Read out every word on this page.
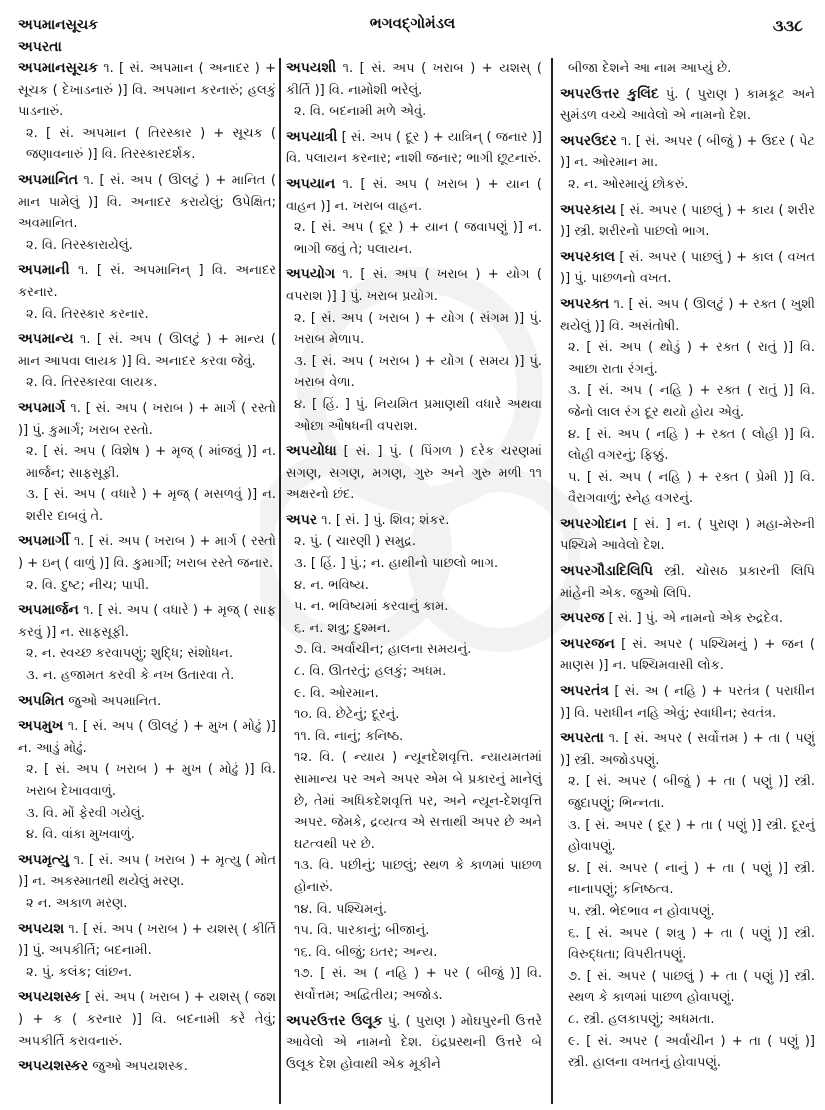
અપમાનસૂચક
અપરતા
ભગવદ્ગોમંડલ	૩૩૮
અપમાનસૂચક ૧. [ સં. અપમાન ( અનાદર ) + સૂચક ( દેખાડનારું )] વિ. અપમાન કરનારું; હલકું પાડનારું.
૨. [ સં. અપમાન ( તિરસ્કાર ) + સૂચક ( જણાવનારું )] વિ. તિરસ્કારદર્શક.
અપમાનિત ૧. [ સં. અપ ( ઊલટું ) + માનિત ( માન પામેલું )] વિ. અનાદર કરાયેલું; ઉપેક્ષિત; અવમાનિત.
૨. વિ. તિરસ્કારાયેલું.
અપમાની ૧. [ સં. અપમાનિન્ ] વિ. અનાદર કરનાર.
૨. વિ. તિરસ્કાર કરનાર.
અપમાન્ય ૧. [ સં. અપ ( ઊલટું ) + માન્ય ( માન આપવા લાયક )] વિ. અનાદર કરવા જેવું.
૨. વિ. તિરસ્કારવા લાયક.
અપમાર્ગ ૧. [ સં. અપ ( ખરાબ ) + માર્ગ ( રસ્તો )] પું. કુમાર્ગ; ખરાબ રસ્તો.
૨. [ સં. અપ ( વિશેષ ) + મૃજ્ ( માંજવું )] ન. માર્જન; સાફસૂફી.
૩. [ સં. અપ ( વધારે ) + મૃજ્ ( મસળવું )] ન. શરીર દાબવું તે.
અપમાર્ગી ૧. [ સં. અપ ( ખરાબ ) + માર્ગ ( રસ્તો ) + ઇન્ ( વાળું )] વિ. કુમાર્ગી; ખરાબ રસ્તે જનાર.
૨. વિ. દુષ્ટ; નીચ; પાપી.
અપમાર્જન ૧. [ સં. અપ ( વધારે ) + મૃજ્ ( સાફ કરવું )] ન. સાફસૂફી.
૨. ન. સ્વચ્છ કરવાપણું; શુદ્ધિ; સંશોધન.
૩. ન. હજામત કરવી કે નખ ઉતારવા તે.
અપમિત જુઓ અપમાનિત.
અપમુખ ૧. [ સં. અપ ( ઊલટું ) + મુખ ( મોઢું )] ન. આડું મોઢું.
૨. [ સં. અપ ( ખરાબ ) + મુખ ( મોઢું )] વિ. ખરાબ દેખાવવાળું.
૩. વિ. મોં ફેરવી ગયેલું.
૪. વિ. વાંકા મુખવાળું.
અપમૃત્યુ ૧. [ સં. અપ ( ખરાબ ) + મૃત્યુ ( મોત )] ન. અકસ્માતથી થયેલું મરણ.
૨ ન. અકાળ મરણ.
અપયશ ૧. [ સં. અપ ( ખરાબ ) + યશસ્ ( કીર્તિ )] પું. અપકીર્તિ; બદનામી.
૨. પું. કલંક; લાંછન.
અપયશસ્ક [ સં. અપ ( ખરાબ ) + યશસ્ ( જશ ) + ક ( કરનાર )] વિ. બદનામી કરે તેવું; અપકીર્તિ કરાવનારું.
અપયશસ્કર જુઓ અપયશસ્ક.
અપયશી ૧. [ સં. અપ ( ખરાબ ) + યશસ્ ( કીર્તિ )] વિ. નામોશી ભરેલું.
૨. વિ. બદનામી મળે એવું.
અપયાત્રી [ સં. અપ ( દૂર ) + યાત્રિન્ ( જનાર )] વિ. પલાયન કરનાર; નાશી જનાર; ભાગી છૂટનારું.
અપયાન ૧. [ સં. અપ ( ખરાબ ) + યાન ( વાહન )] ન. ખરાબ વાહન.
૨. [ સં. અપ ( દૂર ) + યાન ( જવાપણું )] ન. ભાગી જવું તે; પલાયન.
અપયોગ ૧. [ સં. અપ ( ખરાબ ) + યોગ ( વપરાશ )] ] પું. ખરાબ પ્રયોગ.
૨. [ સં. અપ ( ખરાબ ) + યોગ ( સંગમ )] પું. ખરાબ મેળાપ.
૩. [ સં. અપ ( ખરાબ ) + યોગ ( સમય )] પું. ખરાબ વેળા.
૪. [ હિં. ] પું. નિયમિત પ્રમાણથી વધારે અથવા ઓછા ઔષધની વપરાશ.
અપયોધા [ સં. ] પું. ( પિંગળ ) દરેક ચરણમાં સગણ, સગણ, મગણ, ગુરુ અને ગુરુ મળી ૧૧ અક્ષરનો છંદ.
અપર ૧. [ સં. ] પું. શિવ; શંકર.
૨. પું. ( ચારણી ) સમુદ્ર.
૩. [ હિં. ] પું.; ન. હાથીનો પાછલો ભાગ.
૪. ન. ભવિષ્ય.
૫. ન. ભવિષ્યમાં કરવાનું કામ.
૬. ન. શત્રુ; દુશ્મન.
૭. વિ. અર્વાચીન; હાલના સમયનું.
૮. વિ. ઊતરતું; હલકું; અધમ.
૯. વિ. ઓરમાન.
૧૦. વિ. છેટેનું; દૂરનું.
૧૧. વિ. નાનું; કનિષ્ઠ.
૧૨. વિ. ( ન્યાય ) ન્યૂનદેશવૃત્તિ. ન્યાયમતમાં સામાન્ય પર અને અપર એમ બે પ્રકારનું માનેલું છે, તેમાં અધિકદેશવૃત્તિ પર, અને ન્યૂન-દેશવૃત્તિ અપર. જેમકે, દ્રવ્યત્વ એ સત્તાથી અપર છે અને ઘટત્વથી પર છે.
૧૩. વિ. પછીનું; પાછલું; સ્થળ કે કાળમાં પાછળ હોનારું.
૧૪. વિ. પશ્ચિમનું.
૧૫. વિ. પારકાનું; બીજાનું.
૧૬. વિ. બીજું; ઇતર; અન્ય.
૧૭. [ સં. અ ( નહિ ) + પર ( બીજું )] વિ. સર્વોત્તમ; અદ્વિતીય; અજોડ.
અપરઉત્તર ઉલૂક પું. ( પુરાણ ) મોઘપુરની ઉત્તરે આવેલો એ નામનો દેશ. ઇંદ્રપ્રસ્થની ઉત્તરે બે ઉલૂક દેશ હોવાથી એક મૂકીને
બીજા દેશને આ નામ આપ્યું છે.
અપરઉત્તર કુલિંદ પું. ( પુરાણ ) કામકૂટ અને સુમંડળ વચ્ચે આવેલો એ નામનો દેશ.
અપરઉદર ૧. [ સં. અપર ( બીજું ) + ઉદર ( પેટ )] ન. ઓરમાન મા.
૨. ન. ઓરમાયું છોકરું.
અપરકાય [ સં. અપર ( પાછલું ) + કાય ( શરીર )] સ્ત્રી. શરીરનો પાછલો ભાગ.
અપરકાલ [ સં. અપર ( પાછલું ) + કાલ ( વખત )] પું. પાછળનો વખત.
અપરક્ત ૧. [ સં. અપ ( ઊલટું ) + રક્ત ( ખુશી થયેલું )] વિ. અસંતોષી.
૨. [ સં. અપ ( થોડું ) + રક્ત ( રાતું )] વિ. આછા રાતા રંગનું.
૩. [ સં. અપ ( નહિ ) + રક્ત ( રાતું )] વિ. જેનો લાલ રંગ દૂર થયો હોય એવું.
૪. [ સં. અપ ( નહિ ) + રક્ત ( લોહી )] વિ. લોહી વગરનું; ફિક્કું.
૫. [ સં. અપ ( નહિ ) + રક્ત ( પ્રેમી )] વિ. વૈરાગવાળું; સ્નેહ વગરનું.
અપરગોદાન [ સં. ] ન. ( પુરાણ ) મહા-મેરુની પશ્ચિમે આવેલો દેશ.
અપરગૌડાદિલિપિ સ્ત્રી. ચોસઠ પ્રકારની લિપિ માંહેની એક. જુઓ લિપિ.
અપરજ [ સં. ] પું. એ નામનો એક રુદ્રદેવ.
અપરજન [ સં. અપર ( પશ્ચિમનું ) + જન ( માણસ )] ન. પશ્ચિમવાસી લોક.
અપરતંત્ર [ સં. અ ( નહિ ) + પરતંત્ર ( પરાધીન )] વિ. પરાધીન નહિ એવું; સ્વાધીન; સ્વતંત્ર.
અપરતા ૧. [ સં. અપર ( સર્વોત્તમ ) + તા ( પણું )] સ્ત્રી. અજોડપણું.
૨. [ સં. અપર ( બીજું ) + તા ( પણું )] સ્ત્રી. જુદાપણું; ભિન્નતા.
૩. [ સં. અપર ( દૂર ) + તા ( પણું )] સ્ત્રી. દૂરનું હોવાપણું.
૪. [ સં. અપર ( નાનું ) + તા ( પણું )] સ્ત્રી. નાનાપણું; કનિષ્ઠત્વ.
૫. સ્ત્રી. ભેદભાવ ન હોવાપણું.
૬. [ સં. અપર ( શત્રુ ) + તા ( પણું )] સ્ત્રી. વિરુદ્ધતા; વિપરીતપણું.
૭. [ સં. અપર ( પાછલું ) + તા ( પણું )] સ્ત્રી. સ્થળ કે કાળમાં પાછળ હોવાપણું.
૮. સ્ત્રી. હલકાપણું; અધમતા.
૯. [ સં. અપર ( અર્વાચીન ) + તા ( પણું )] સ્ત્રી. હાલના વખતનું હોવાપણું.
